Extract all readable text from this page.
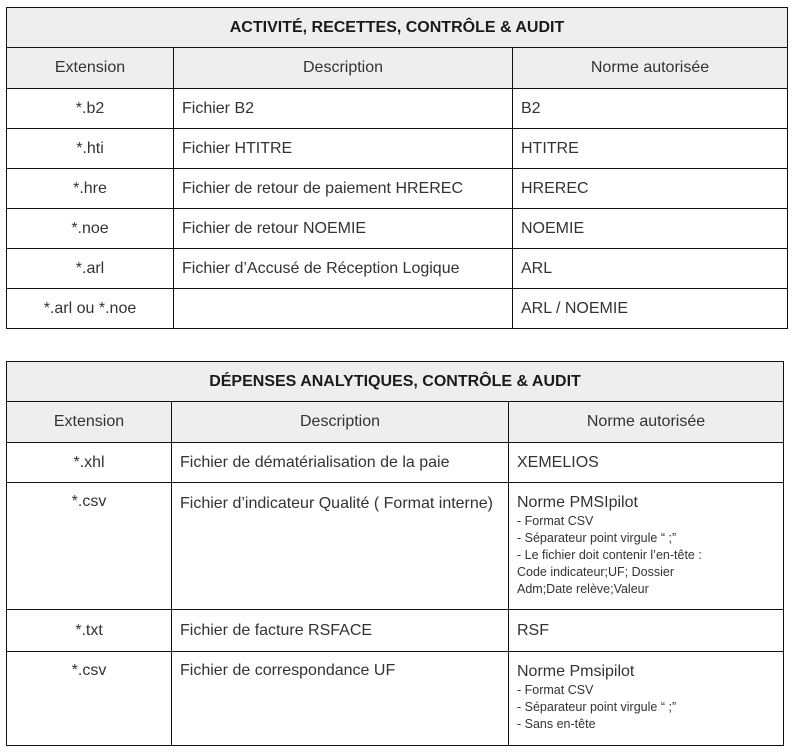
ACTIVITÉ, RECETTES, CONTRÔLE & AUDIT		
Extension	Description	Norme autorisée
*.b2	Fichier B2	B2
*.hti	Fichier HTITRE	HTITRE
*.hre	Fichier de retour de paiement HREREC	HREREC
*.noe	Fichier de retour NOEMIE	NOEMIE
*.arl	Fichier d’Accusé de Réception Logique	ARL
*.arl ou *.noe		ARL / NOEMIE
DÉPENSES ANALYTIQUES, CONTRÔLE & AUDIT		
Extension	Description	Norme autorisée
*.xhl	Fichier de dématérialisation de la paie	XEMELIOS
*.csv	Fichier d’indicateur Qualité ( Format interne)	Norme PMSIpilot
- Format CSV
- Séparateur point virgule “ ;”
- Le fichier doit contenir l’en-tête :
Code indicateur;UF; Dossier
Adm;Date relève;Valeur

*.txt	Fichier de facture RSFACE	RSF
*.csv	Fichier de correspondance UF	Norme Pmsipilot
- Format CSV
- Séparateur point virgule “ ;”
- Sans en-tête
